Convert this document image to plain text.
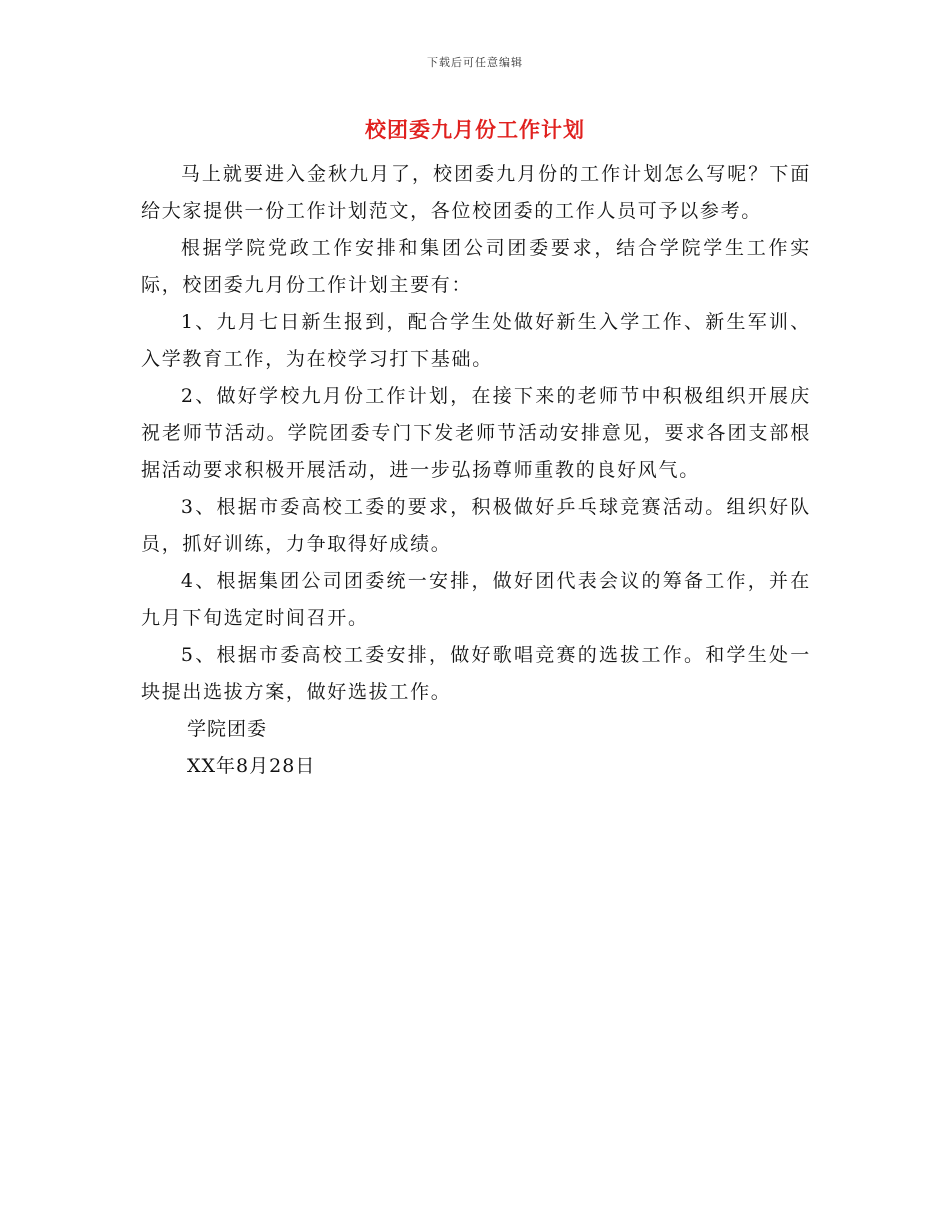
下载后可任意编辑
校团委九月份工作计划

马上就要进入金秋九月了，校团委九月份的工作计划怎么写呢？下面给大家提供一份工作计划范文，各位校团委的工作人员可予以参考。

根据学院党政工作安排和集团公司团委要求，结合学院学生工作实际，校团委九月份工作计划主要有：

1、九月七日新生报到，配合学生处做好新生入学工作、新生军训、入学教育工作，为在校学习打下基础。

2、做好学校九月份工作计划，在接下来的老师节中积极组织开展庆祝老师节活动。学院团委专门下发老师节活动安排意见，要求各团支部根据活动要求积极开展活动，进一步弘扬尊师重教的良好风气。

3、根据市委高校工委的要求，积极做好乒乓球竞赛活动。组织好队员，抓好训练，力争取得好成绩。

4、根据集团公司团委统一安排，做好团代表会议的筹备工作，并在九月下旬选定时间召开。

5、根据市委高校工委安排，做好歌唱竞赛的选拔工作。和学生处一块提出选拔方案，做好选拔工作。

学院团委

XX年8月28日
